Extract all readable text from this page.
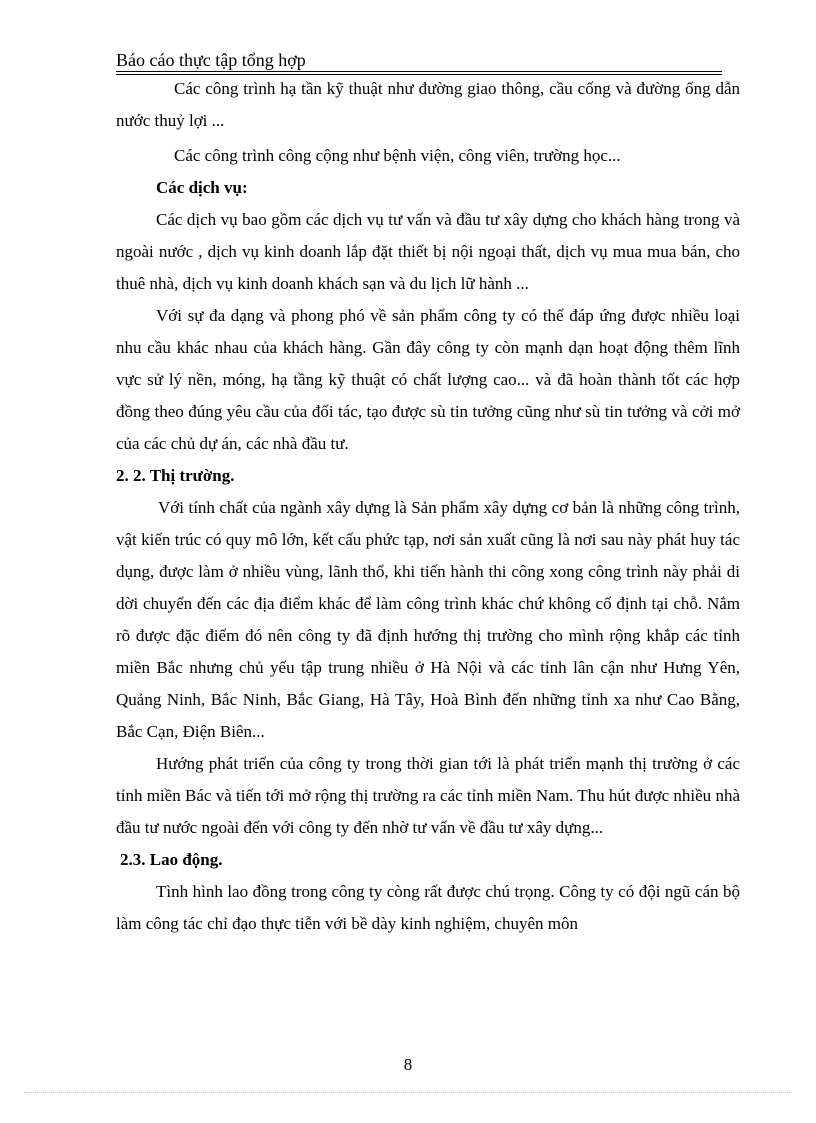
Báo cáo thực tập tổng hợp

Các công trình hạ tần kỹ thuật như đường giao thông, cầu cống và đường ống dẫn nước thuỷ lợi ...

Các công trình công cộng như bệnh viện, công viên, trường học...

Các dịch vụ:

Các dịch vụ bao gồm các dịch vụ tư vấn và đầu tư xây dựng cho khách hàng trong và ngoài nước , dịch vụ kinh doanh lắp đặt thiết bị nội ngoại thất, dịch vụ mua mua bán, cho thuê nhà, dịch vụ kinh doanh khách sạn và du lịch lữ hành ...

Với sự đa dạng và phong phó về sản phẩm công ty có thể đáp ứng được nhiều loại nhu cầu khác nhau của khách hàng. Gần đây công ty còn mạnh dạn hoạt động thêm lĩnh vực sử lý nền, móng, hạ tầng kỹ thuật có chất lượng cao... và đã hoàn thành tốt các hợp đồng theo đúng yêu cầu của đối tác, tạo được sù tin tưởng cũng như sù tin tưởng và cởi mở của các chủ dự án, các nhà đầu tư.

2. 2. Thị trường.

Với tính chất của ngành xây dựng là Sản phẩm xây dựng cơ bản là những công trình, vật kiến trúc có quy mô lớn, kết cấu phức tạp, nơi sản xuất cũng là nơi sau này phát huy tác dụng, được làm ở nhiều vùng, lãnh thổ, khi tiến hành thi công xong công trình này phải di dời chuyển đến các địa điểm khác để làm công trình khác chứ không cố định tại chỗ. Nắm rõ được đặc điểm đó nên công ty đã định hướng thị trường cho mình rộng khắp các tỉnh miền Bắc nhưng chủ yếu tập trung nhiều ở Hà Nội và các tỉnh lân cận như Hưng Yên, Quảng Ninh, Bắc Ninh, Bắc Giang, Hà Tây, Hoà Bình đến những tỉnh xa như Cao Bằng, Bắc Cạn, Điện Biên...

Hướng phát triển của công ty trong thời gian tới là phát triển mạnh thị trường ở các tỉnh miền Bác và tiến tới mở rộng thị trường ra các tỉnh miền Nam. Thu hút được nhiều nhà đầu tư nước ngoài đến với công ty đến nhờ tư vấn về đầu tư xây dựng...

2.3. Lao động.

Tình hình lao đồng trong công ty còng rất được chú trọng. Công ty có đội ngũ cán bộ làm công tác chỉ đạo thực tiễn với bề dày kinh nghiệm, chuyên môn

8
